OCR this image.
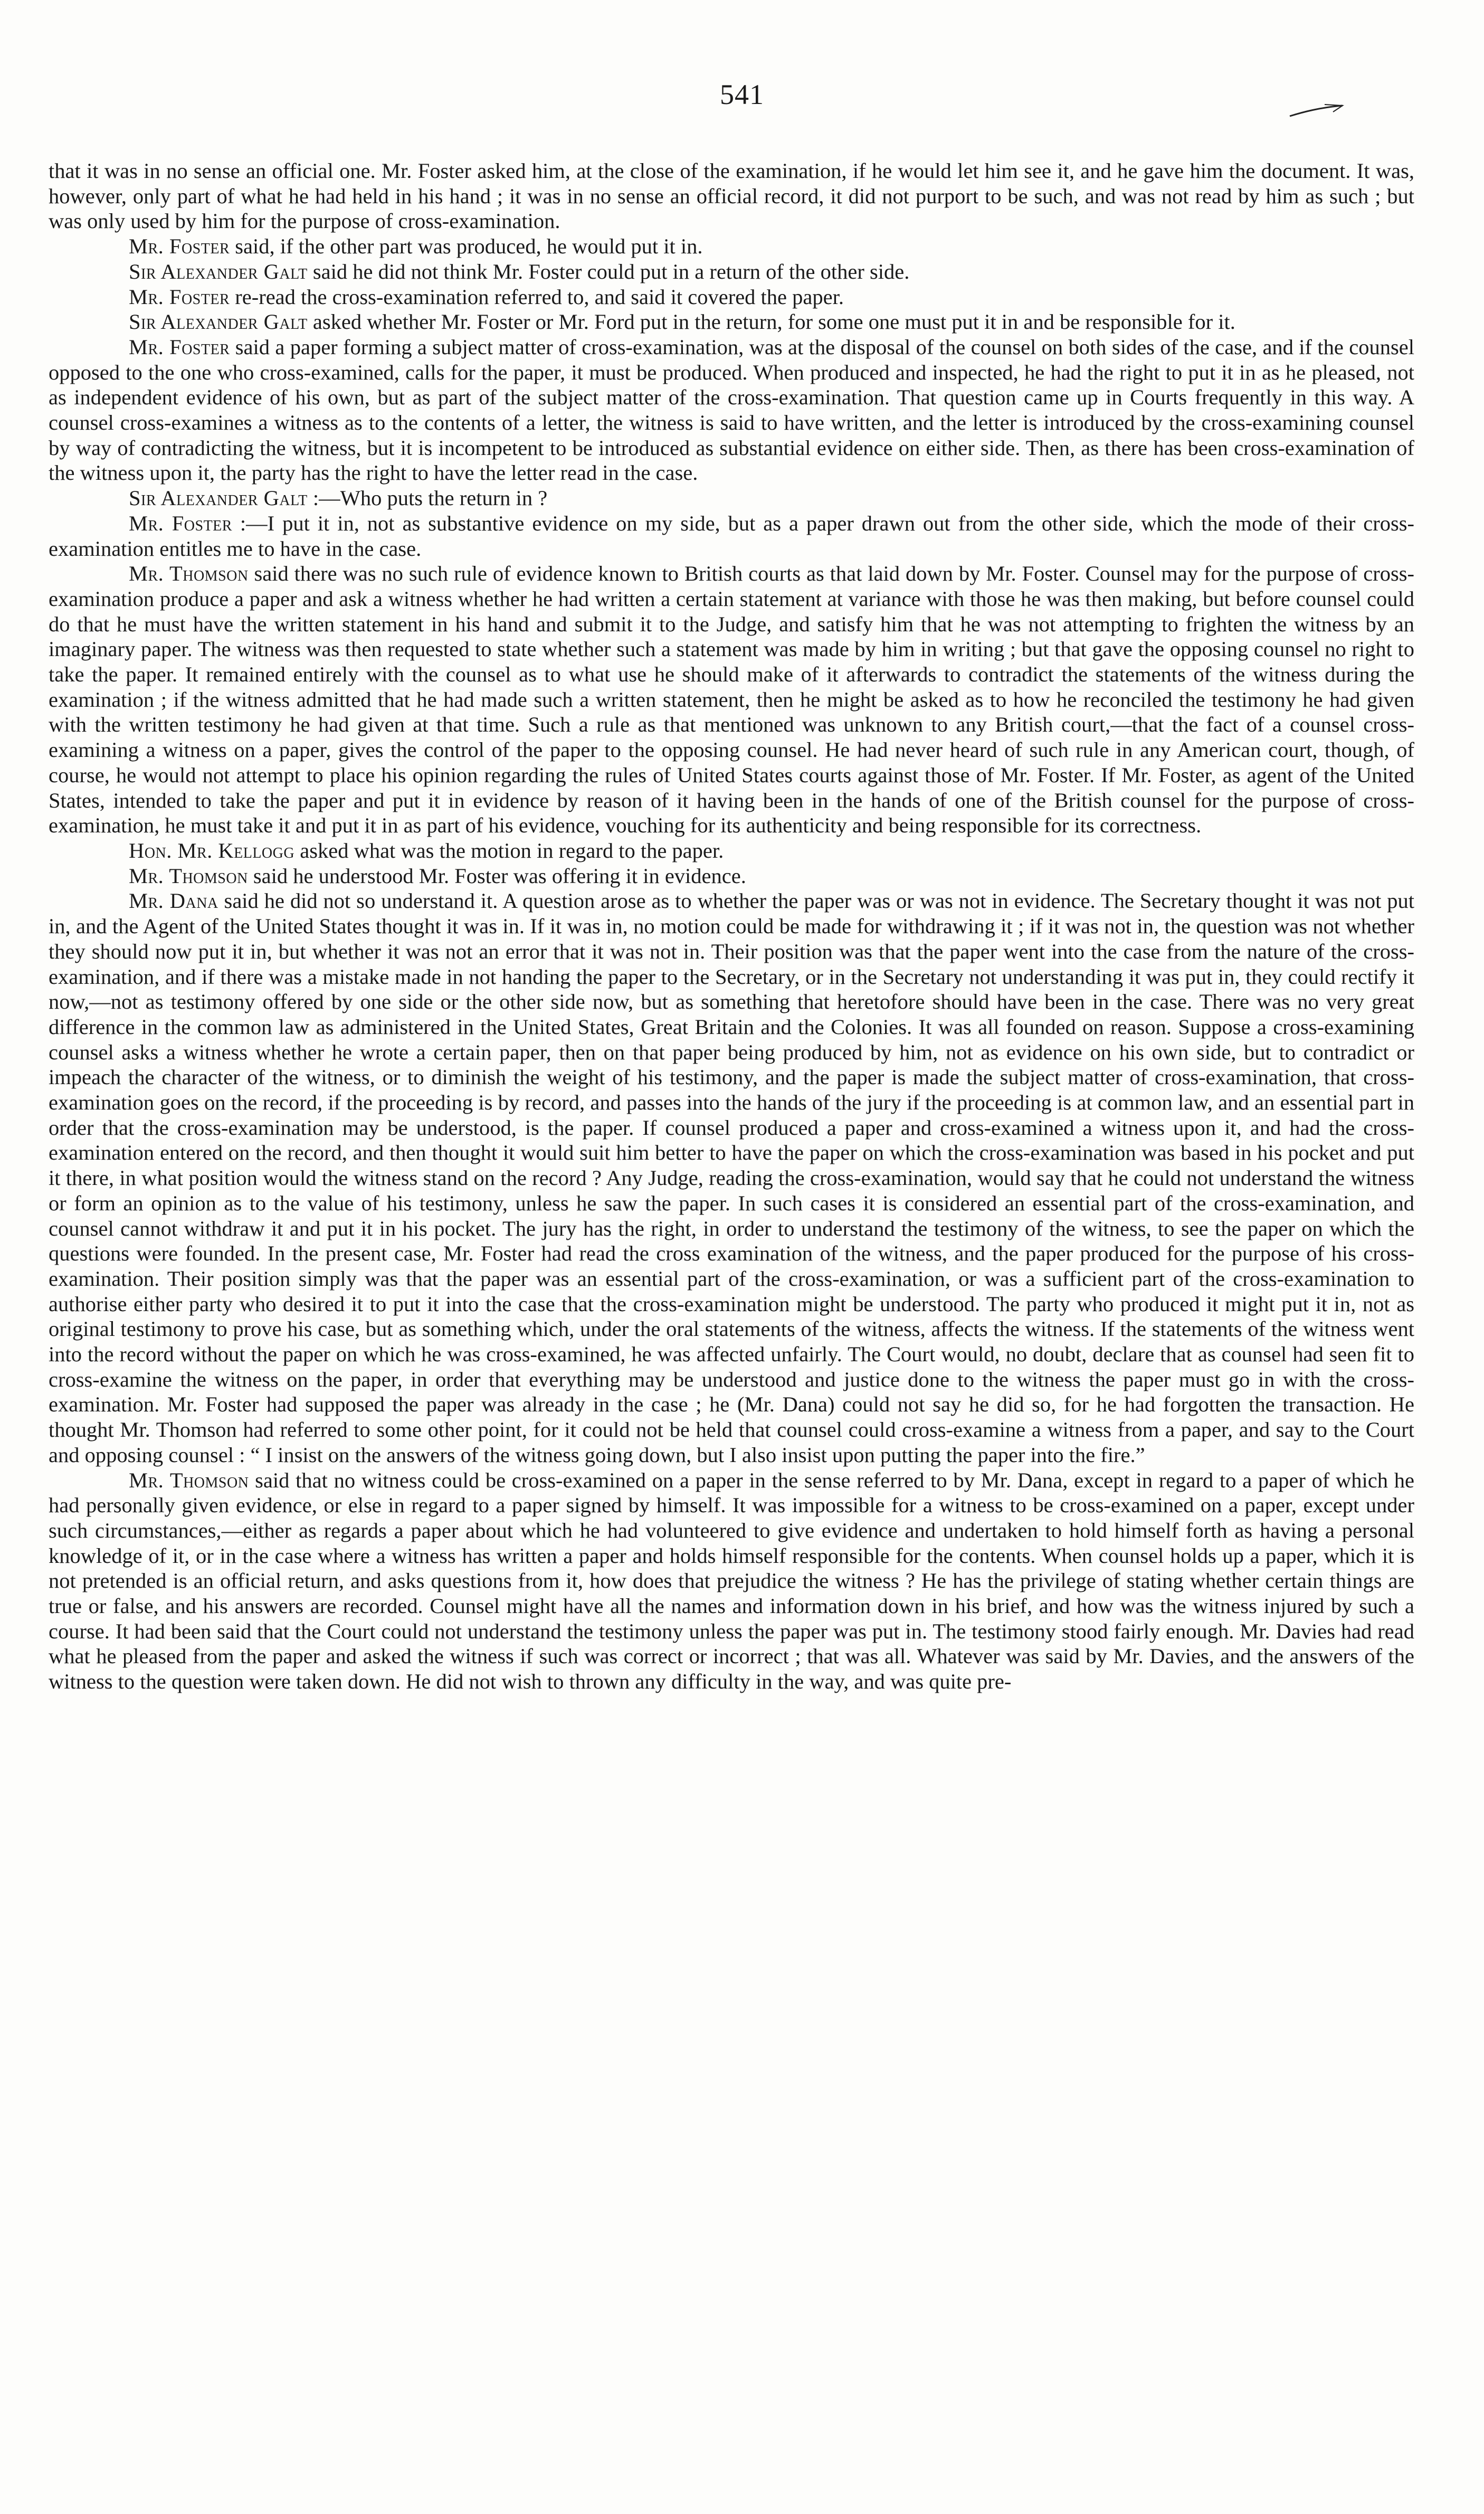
541

that it was in no sense an official one. Mr. Foster asked him, at the close of the examination, if he would let him see it, and he gave him the document. It was, however, only part of what he had held in his hand ; it was in no sense an official record, it did not purport to be such, and was not read by him as such ; but was only used by him for the purpose of cross-examination.

Mr. Foster said, if the other part was produced, he would put it in.

Sir Alexander Galt said he did not think Mr. Foster could put in a return of the other side.

Mr. Foster re-read the cross-examination referred to, and said it covered the paper.

Sir Alexander Galt asked whether Mr. Foster or Mr. Ford put in the return, for some one must put it in and be responsible for it.

Mr. Foster said a paper forming a subject matter of cross-examination, was at the disposal of the counsel on both sides of the case, and if the counsel opposed to the one who cross-examined, calls for the paper, it must be produced. When produced and inspected, he had the right to put it in as he pleased, not as independent evidence of his own, but as part of the subject matter of the cross-examination. That question came up in Courts frequently in this way. A counsel cross-examines a witness as to the contents of a letter, the witness is said to have written, and the letter is introduced by the cross-examining counsel by way of contradicting the witness, but it is incompetent to be introduced as substantial evidence on either side. Then, as there has been cross-examination of the witness upon it, the party has the right to have the letter read in the case.

Sir Alexander Galt :—Who puts the return in ?

Mr. Foster :—I put it in, not as substantive evidence on my side, but as a paper drawn out from the other side, which the mode of their cross-examination entitles me to have in the case.

Mr. Thomson said there was no such rule of evidence known to British courts as that laid down by Mr. Foster. Counsel may for the purpose of cross-examination produce a paper and ask a witness whether he had written a certain statement at variance with those he was then making, but before counsel could do that he must have the written statement in his hand and submit it to the Judge, and satisfy him that he was not attempting to frighten the witness by an imaginary paper. The witness was then requested to state whether such a statement was made by him in writing ; but that gave the opposing counsel no right to take the paper. It remained entirely with the counsel as to what use he should make of it afterwards to contradict the statements of the witness during the examination ; if the witness admitted that he had made such a written statement, then he might be asked as to how he reconciled the testimony he had given with the written testimony he had given at that time. Such a rule as that mentioned was unknown to any British court,—that the fact of a counsel cross-examining a witness on a paper, gives the control of the paper to the opposing counsel. He had never heard of such rule in any American court, though, of course, he would not attempt to place his opinion regarding the rules of United States courts against those of Mr. Foster. If Mr. Foster, as agent of the United States, intended to take the paper and put it in evidence by reason of it having been in the hands of one of the British counsel for the purpose of cross-examination, he must take it and put it in as part of his evidence, vouching for its authenticity and being responsible for its correctness.

Hon. Mr. Kellogg asked what was the motion in regard to the paper.

Mr. Thomson said he understood Mr. Foster was offering it in evidence.

Mr. Dana said he did not so understand it. A question arose as to whether the paper was or was not in evidence. The Secretary thought it was not put in, and the Agent of the United States thought it was in. If it was in, no motion could be made for withdrawing it ; if it was not in, the question was not whether they should now put it in, but whether it was not an error that it was not in. Their position was that the paper went into the case from the nature of the cross-examination, and if there was a mistake made in not handing the paper to the Secretary, or in the Secretary not understanding it was put in, they could rectify it now,—not as testimony offered by one side or the other side now, but as something that heretofore should have been in the case. There was no very great difference in the common law as administered in the United States, Great Britain and the Colonies. It was all founded on reason. Suppose a cross-examining counsel asks a witness whether he wrote a certain paper, then on that paper being produced by him, not as evidence on his own side, but to contradict or impeach the character of the witness, or to diminish the weight of his testimony, and the paper is made the subject matter of cross-examination, that cross-examination goes on the record, if the proceeding is by record, and passes into the hands of the jury if the proceeding is at common law, and an essential part in order that the cross-examination may be understood, is the paper. If counsel produced a paper and cross-examined a witness upon it, and had the cross-examination entered on the record, and then thought it would suit him better to have the paper on which the cross-examination was based in his pocket and put it there, in what position would the witness stand on the record ? Any Judge, reading the cross-examination, would say that he could not understand the witness or form an opinion as to the value of his testimony, unless he saw the paper. In such cases it is considered an essential part of the cross-examination, and counsel cannot withdraw it and put it in his pocket. The jury has the right, in order to understand the testimony of the witness, to see the paper on which the questions were founded. In the present case, Mr. Foster had read the cross examination of the witness, and the paper produced for the purpose of his cross-examination. Their position simply was that the paper was an essential part of the cross-examination, or was a sufficient part of the cross-examination to authorise either party who desired it to put it into the case that the cross-examination might be understood. The party who produced it might put it in, not as original testimony to prove his case, but as something which, under the oral statements of the witness, affects the witness. If the statements of the witness went into the record without the paper on which he was cross-examined, he was affected unfairly. The Court would, no doubt, declare that as counsel had seen fit to cross-examine the witness on the paper, in order that everything may be understood and justice done to the witness the paper must go in with the cross-examination. Mr. Foster had supposed the paper was already in the case ; he (Mr. Dana) could not say he did so, for he had forgotten the transaction. He thought Mr. Thomson had referred to some other point, for it could not be held that counsel could cross-examine a witness from a paper, and say to the Court and opposing counsel : “ I insist on the answers of the witness going down, but I also insist upon putting the paper into the fire.”

Mr. Thomson said that no witness could be cross-examined on a paper in the sense referred to by Mr. Dana, except in regard to a paper of which he had personally given evidence, or else in regard to a paper signed by himself. It was impossible for a witness to be cross-examined on a paper, except under such circumstances,—either as regards a paper about which he had volunteered to give evidence and undertaken to hold himself forth as having a personal knowledge of it, or in the case where a witness has written a paper and holds himself responsible for the contents. When counsel holds up a paper, which it is not pretended is an official return, and asks questions from it, how does that prejudice the witness ? He has the privilege of stating whether certain things are true or false, and his answers are recorded. Counsel might have all the names and information down in his brief, and how was the witness injured by such a course. It had been said that the Court could not understand the testimony unless the paper was put in. The testimony stood fairly enough. Mr. Davies had read what he pleased from the paper and asked the witness if such was correct or incorrect ; that was all. Whatever was said by Mr. Davies, and the answers of the witness to the question were taken down. He did not wish to thrown any difficulty in the way, and was quite pre-
